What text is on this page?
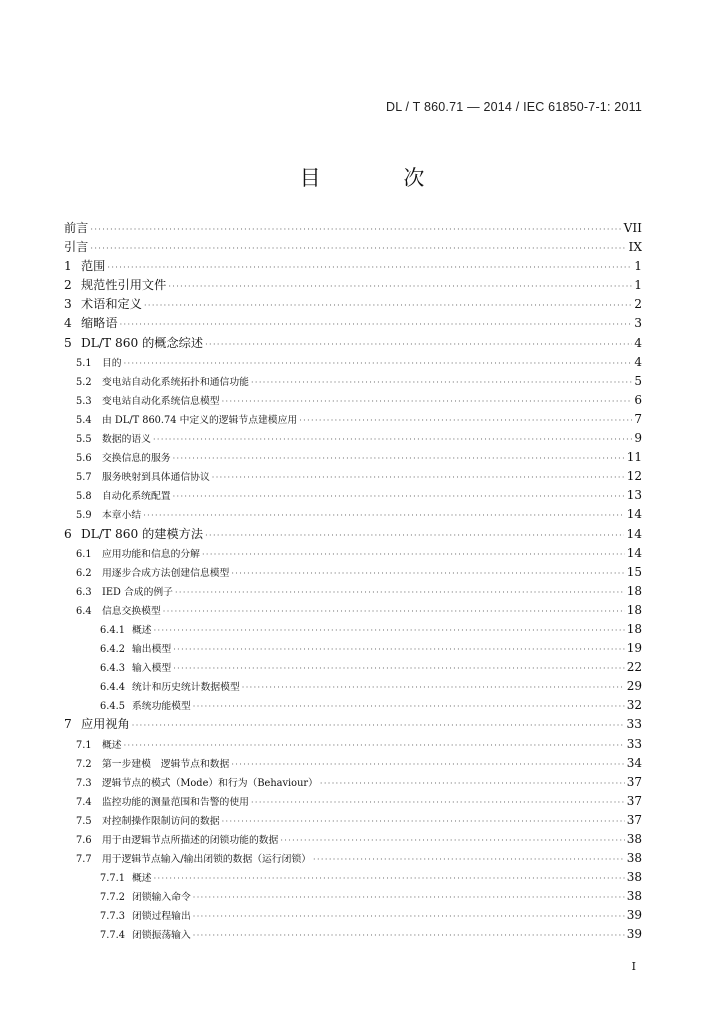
DL / T 860.71 — 2014 / IEC 61850-7-1: 2011
目 次
前言 ·····	VII
引言 ·····	IX
1 范围 ·····	1
2 规范性引用文件 ·····	1
3 术语和定义 ·····	2
4 缩略语 ·····	3
5 DL/T 860 的概念综述 ·····	4
5.1	目的 ·····	4
5.2	变电站自动化系统拓扑和通信功能 ·····	5
5.3	变电站自动化系统信息模型 ·····	6
5.4	由 DL/T 860.74 中定义的逻辑节点建模应用 ·····	7
5.5	数据的语义 ·····	9
5.6	交换信息的服务 ·····	11
5.7	服务映射到具体通信协议 ·····	12
5.8	自动化系统配置 ·····	13
5.9	本章小结 ·····	14
6 DL/T 860 的建模方法 ·····	14
6.1	应用功能和信息的分解 ·····	14
6.2	用逐步合成方法创建信息模型 ·····	15
6.3	IED 合成的例子 ·····	18
6.4	信息交换模型 ·····	18
6.4.1 概述 ·····	18
6.4.2 输出模型 ·····	19
6.4.3 输入模型 ·····	22
6.4.4 统计和历史统计数据模型 ·····	29
6.4.5 系统功能模型 ·····	32
7 应用视角 ·····	33
7.1	概述 ·····	33
7.2	第一步建模　逻辑节点和数据 ·····	34
7.3	逻辑节点的模式（Mode）和行为（Behaviour） ·····	37
7.4	监控功能的测量范围和告警的使用 ·····	37
7.5	对控制操作限制访问的数据 ·····	37
7.6	用于由逻辑节点所描述的闭锁功能的数据 ·····	38
7.7	用于逻辑节点输入/输出闭锁的数据（运行闭锁） ·····	38
7.7.1 概述 ·····	38
7.7.2 闭锁输入命令 ·····	38
7.7.3 闭锁过程输出 ·····	39
7.7.4 闭锁振荡输入 ·····	39
I
